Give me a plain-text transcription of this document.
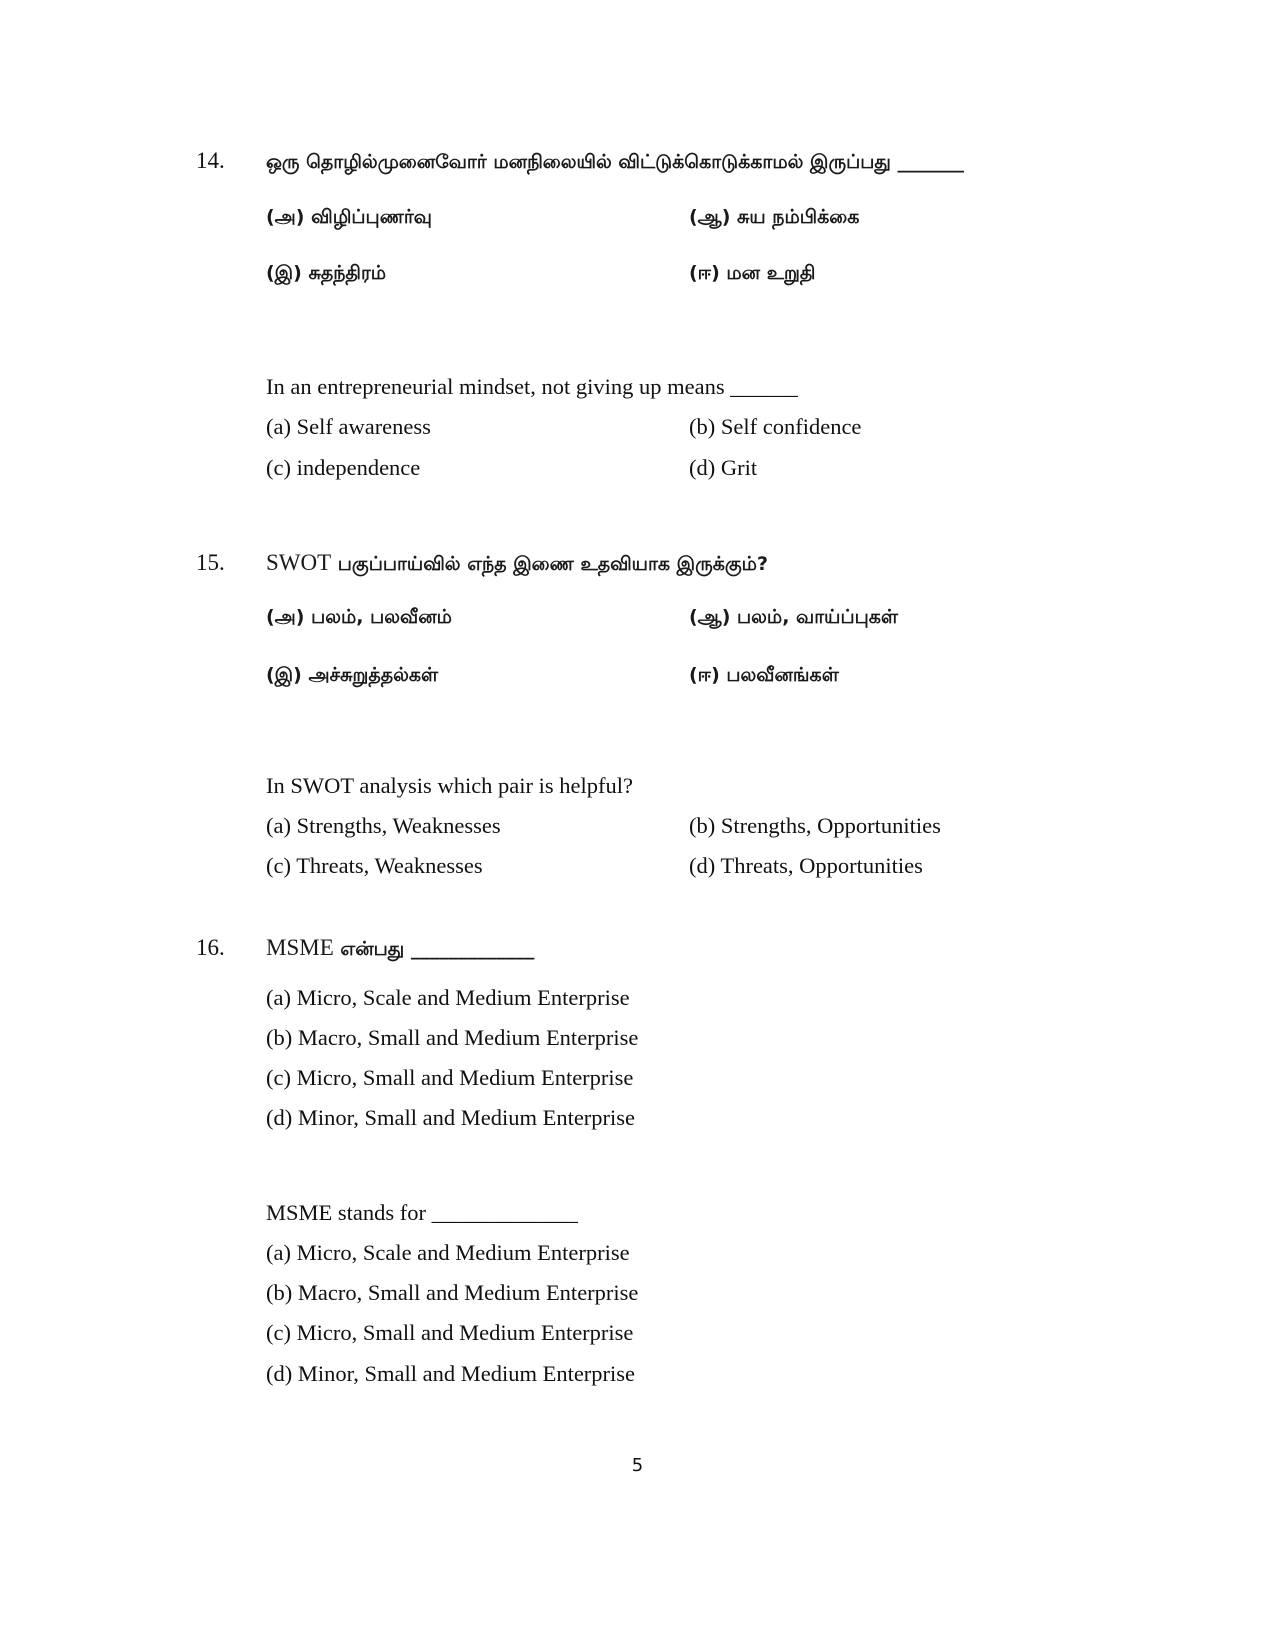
14. ஒரு தொழில்முனைவோர் மனநிலையில் விட்டுக்கொடுக்காமல் இருப்பது _______
(அ) விழிப்புணர்வு	(ஆ) சுய நம்பிக்கை
(இ) சுதந்திரம்	(ஈ) மன உறுதி
In an entrepreneurial mindset, not giving up means ______
(a) Self awareness	(b) Self confidence
(c) independence	(d) Grit
15. SWOT பகுப்பாய்வில் எந்த இணை உதவியாக இருக்கும்?
(அ) பலம், பலவீனம்	(ஆ) பலம், வாய்ப்புகள்
(இ) அச்சுறுத்தல்கள்	(ஈ) பலவீனங்கள்
In SWOT analysis which pair is helpful?
(a) Strengths, Weaknesses	(b) Strengths, Opportunities
(c) Threats, Weaknesses	(d) Threats, Opportunities
16. MSME என்பது _____________
(a) Micro, Scale and Medium Enterprise
(b) Macro, Small and Medium Enterprise
(c) Micro, Small and Medium Enterprise
(d) Minor, Small and Medium Enterprise
MSME stands for _____________
(a) Micro, Scale and Medium Enterprise
(b) Macro, Small and Medium Enterprise
(c) Micro, Small and Medium Enterprise
(d) Minor, Small and Medium Enterprise
5
